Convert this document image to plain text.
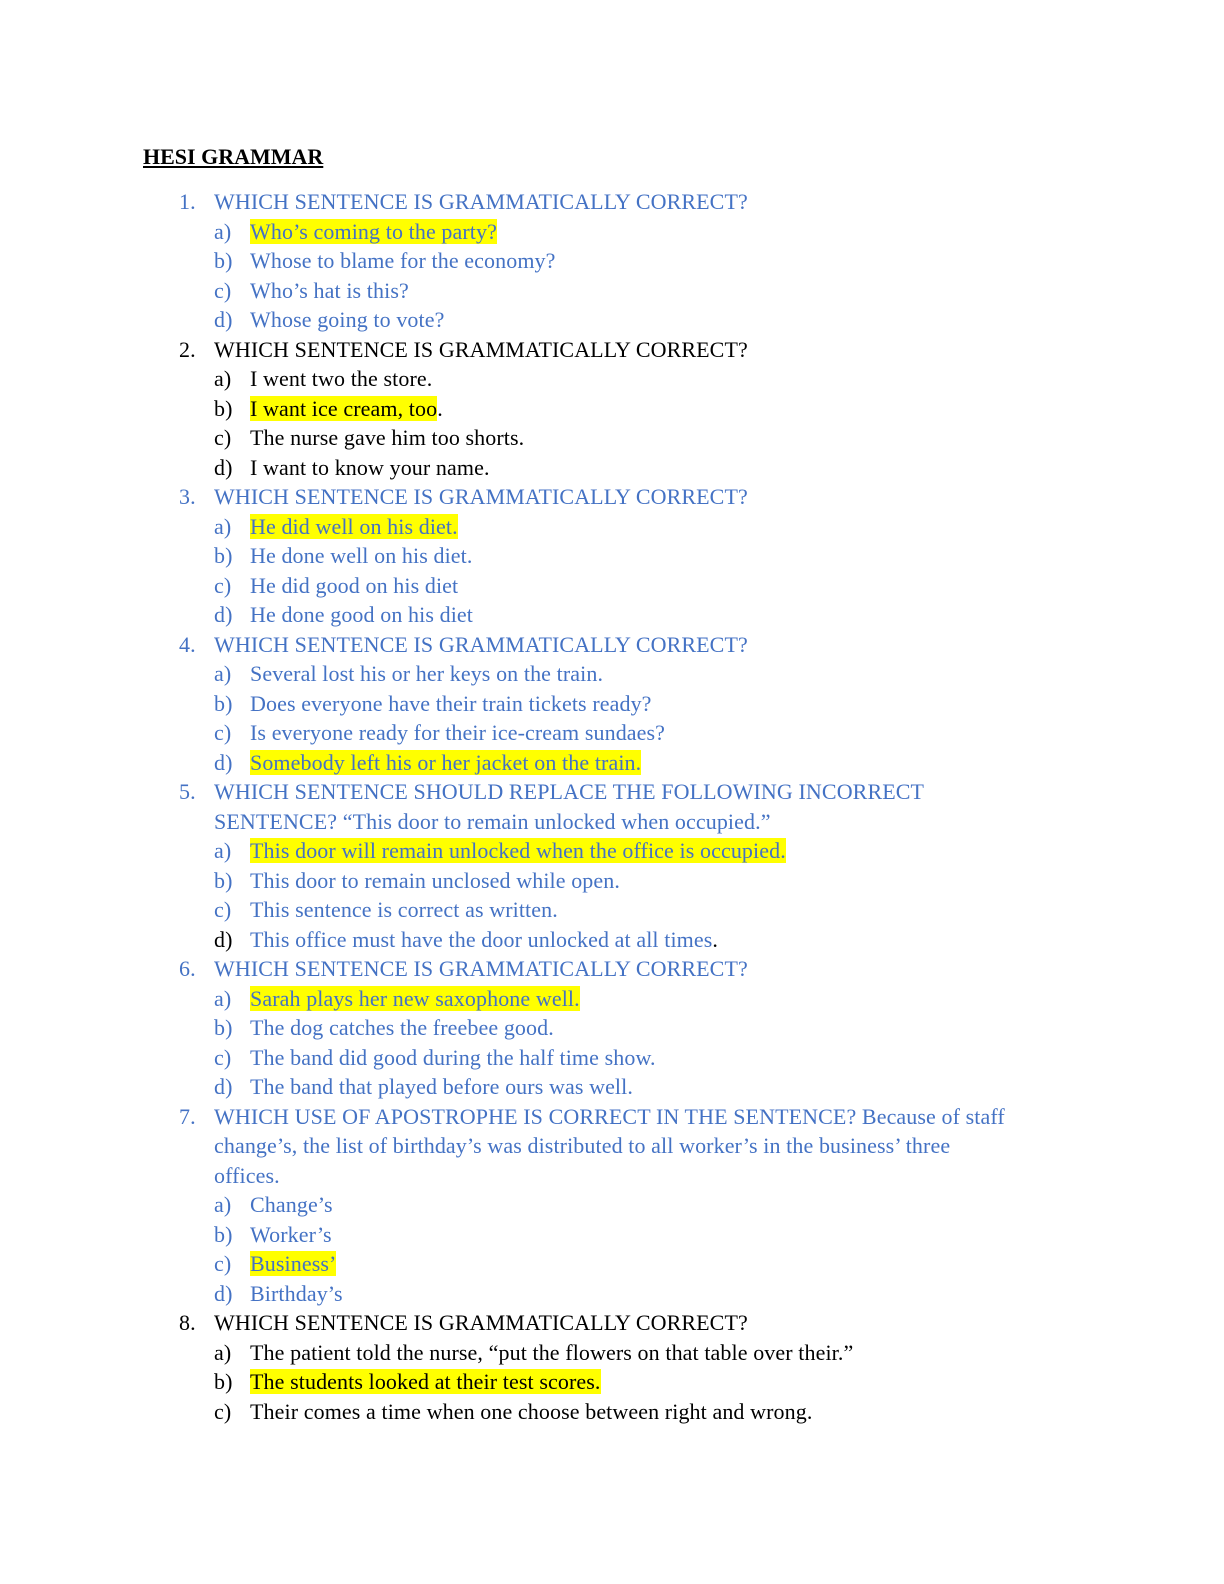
HESI GRAMMAR
1. WHICH SENTENCE IS GRAMMATICALLY CORRECT?
a) Who’s coming to the party?
b) Whose to blame for the economy?
c) Who’s hat is this?
d) Whose going to vote?
2. WHICH SENTENCE IS GRAMMATICALLY CORRECT?
a) I went two the store.
b) I want ice cream, too.
c) The nurse gave him too shorts.
d) I want to know your name.
3. WHICH SENTENCE IS GRAMMATICALLY CORRECT?
a) He did well on his diet.
b) He done well on his diet.
c) He did good on his diet
d) He done good on his diet
4. WHICH SENTENCE IS GRAMMATICALLY CORRECT?
a) Several lost his or her keys on the train.
b) Does everyone have their train tickets ready?
c) Is everyone ready for their ice-cream sundaes?
d) Somebody left his or her jacket on the train.
5. WHICH SENTENCE SHOULD REPLACE THE FOLLOWING INCORRECT
SENTENCE? “This door to remain unlocked when occupied.”
a) This door will remain unlocked when the office is occupied.
b) This door to remain unclosed while open.
c) This sentence is correct as written.
d) This office must have the door unlocked at all times.
6. WHICH SENTENCE IS GRAMMATICALLY CORRECT?
a) Sarah plays her new saxophone well.
b) The dog catches the freebee good.
c) The band did good during the half time show.
d) The band that played before ours was well.
7. WHICH USE OF APOSTROPHE IS CORRECT IN THE SENTENCE? Because of staff
change’s, the list of birthday’s was distributed to all worker’s in the business’ three
offices.
a) Change’s
b) Worker’s
c) Business’
d) Birthday’s
8. WHICH SENTENCE IS GRAMMATICALLY CORRECT?
a) The patient told the nurse, “put the flowers on that table over their.”
b) The students looked at their test scores.
c) Their comes a time when one choose between right and wrong.
